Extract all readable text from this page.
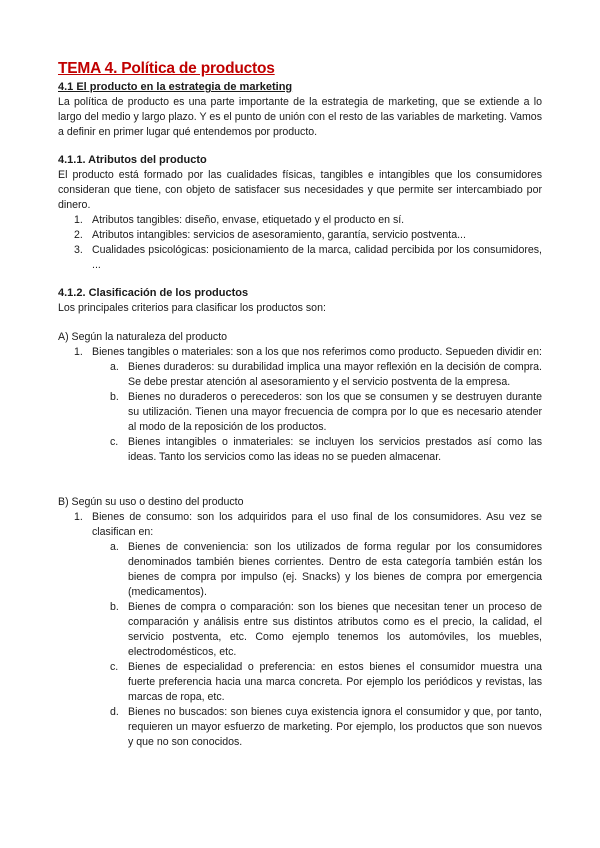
TEMA 4. Política de productos
4.1 El producto en la estrategia de marketing

La política de producto es una parte importante de la estrategia de marketing, que se extiende a lo largo del medio y largo plazo. Y es el punto de unión con el resto de las variables de marketing. Vamos a definir en primer lugar qué entendemos por producto.

4.1.1. Atributos del producto

El producto está formado por las cualidades físicas, tangibles e intangibles que los consumidores consideran que tiene, con objeto de satisfacer sus necesidades y que permite ser intercambiado por dinero.

1. Atributos tangibles: diseño, envase, etiquetado y el producto en sí.
2. Atributos intangibles: servicios de asesoramiento, garantía, servicio postventa...
3. Cualidades psicológicas: posicionamiento de la marca, calidad percibida por los consumidores, ...
4.1.2. Clasificación de los productos

Los principales criterios para clasificar los productos son:

A) Según la naturaleza del producto

1. Bienes tangibles o materiales: son a los que nos referimos como producto. Sepueden dividir en:
a. Bienes duraderos: su durabilidad implica una mayor reflexión en la decisión de compra. Se debe prestar atención al asesoramiento y el servicio postventa de la empresa.
b. Bienes no duraderos o perecederos: son los que se consumen y se destruyen durante su utilización. Tienen una mayor frecuencia de compra por lo que es necesario atender al modo de la reposición de los productos.
c. Bienes intangibles o inmateriales: se incluyen los servicios prestados así como las ideas. Tanto los servicios como las ideas no se pueden almacenar.

B) Según su uso o destino del producto

1. Bienes de consumo: son los adquiridos para el uso final de los consumidores. Asu vez se clasifican en:
a. Bienes de conveniencia: son los utilizados de forma regular por los consumidores denominados también bienes corrientes. Dentro de esta categoría también están los bienes de compra por impulso (ej. Snacks) y los bienes de compra por emergencia (medicamentos).
b. Bienes de compra o comparación: son los bienes que necesitan tener un proceso de comparación y análisis entre sus distintos atributos como es el precio, la calidad, el servicio postventa, etc. Como ejemplo tenemos los automóviles, los muebles, electrodomésticos, etc.
c. Bienes de especialidad o preferencia: en estos bienes el consumidor muestra una fuerte preferencia hacia una marca concreta. Por ejemplo los periódicos y revistas, las marcas de ropa, etc.
d. Bienes no buscados: son bienes cuya existencia ignora el consumidor y que, por tanto, requieren un mayor esfuerzo de marketing. Por ejemplo, los productos que son nuevos y que no son conocidos.
